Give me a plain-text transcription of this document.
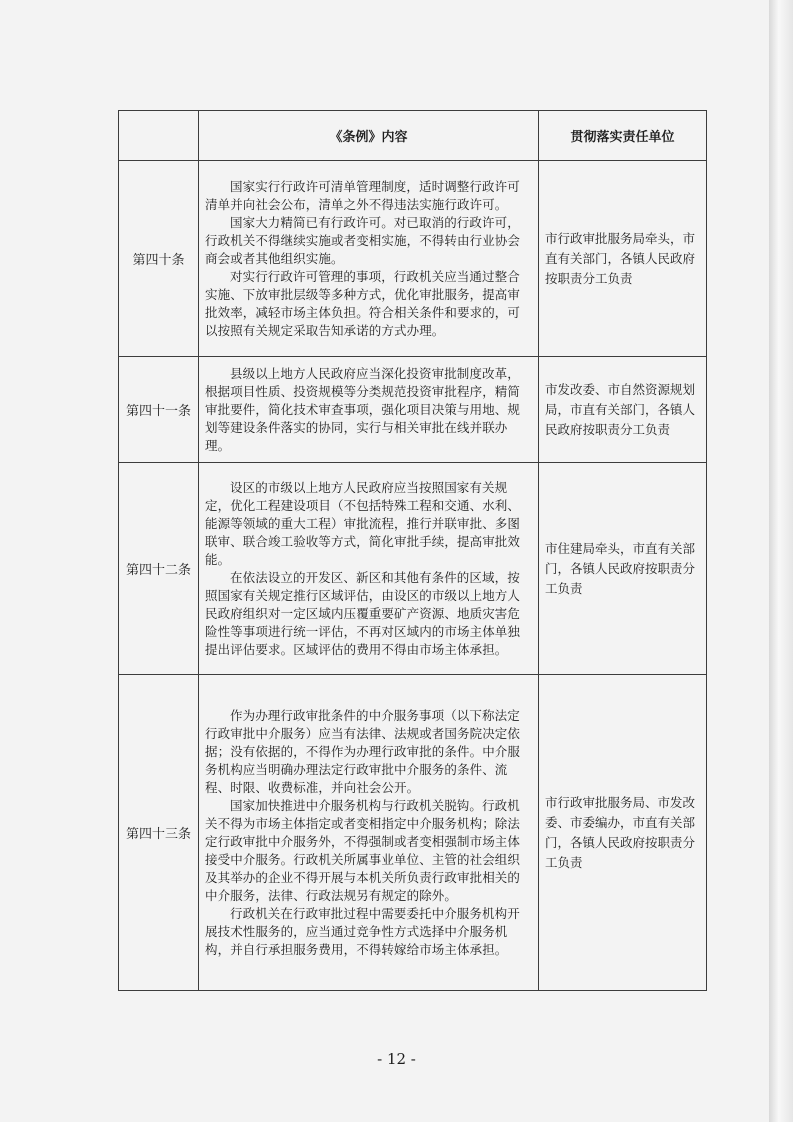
	《条例》内容	贯彻落实责任单位
第四十条	国家实行行政许可清单管理制度，适时调整行政许可清单并向社会公布，清单之外不得违法实施行政许可。

国家大力精简已有行政许可。对已取消的行政许可，行政机关不得继续实施或者变相实施，不得转由行业协会商会或者其他组织实施。

对实行行政许可管理的事项，行政机关应当通过整合实施、下放审批层级等多种方式，优化审批服务，提高审批效率，减轻市场主体负担。符合相关条件和要求的，可以按照有关规定采取告知承诺的方式办理。	市行政审批服务局牵头，市直有关部门，各镇人民政府按职责分工负责
第四十一条	县级以上地方人民政府应当深化投资审批制度改革，根据项目性质、投资规模等分类规范投资审批程序，精简审批要件，简化技术审查事项，强化项目决策与用地、规划等建设条件落实的协同，实行与相关审批在线并联办理。	市发改委、市自然资源规划局，市直有关部门，各镇人民政府按职责分工负责
第四十二条	设区的市级以上地方人民政府应当按照国家有关规定，优化工程建设项目（不包括特殊工程和交通、水利、能源等领域的重大工程）审批流程，推行并联审批、多图联审、联合竣工验收等方式，简化审批手续，提高审批效能。

在依法设立的开发区、新区和其他有条件的区域，按照国家有关规定推行区域评估，由设区的市级以上地方人民政府组织对一定区域内压覆重要矿产资源、地质灾害危险性等事项进行统一评估，不再对区域内的市场主体单独提出评估要求。区域评估的费用不得由市场主体承担。	市住建局牵头，市直有关部门，各镇人民政府按职责分工负责
第四十三条	作为办理行政审批条件的中介服务事项（以下称法定行政审批中介服务）应当有法律、法规或者国务院决定依据；没有依据的，不得作为办理行政审批的条件。中介服务机构应当明确办理法定行政审批中介服务的条件、流程、时限、收费标准，并向社会公开。

国家加快推进中介服务机构与行政机关脱钩。行政机关不得为市场主体指定或者变相指定中介服务机构；除法定行政审批中介服务外，不得强制或者变相强制市场主体接受中介服务。行政机关所属事业单位、主管的社会组织及其举办的企业不得开展与本机关所负责行政审批相关的中介服务，法律、行政法规另有规定的除外。

行政机关在行政审批过程中需要委托中介服务机构开展技术性服务的，应当通过竞争性方式选择中介服务机构，并自行承担服务费用，不得转嫁给市场主体承担。	市行政审批服务局、市发改委、市委编办，市直有关部门，各镇人民政府按职责分工负责
- 12 -
